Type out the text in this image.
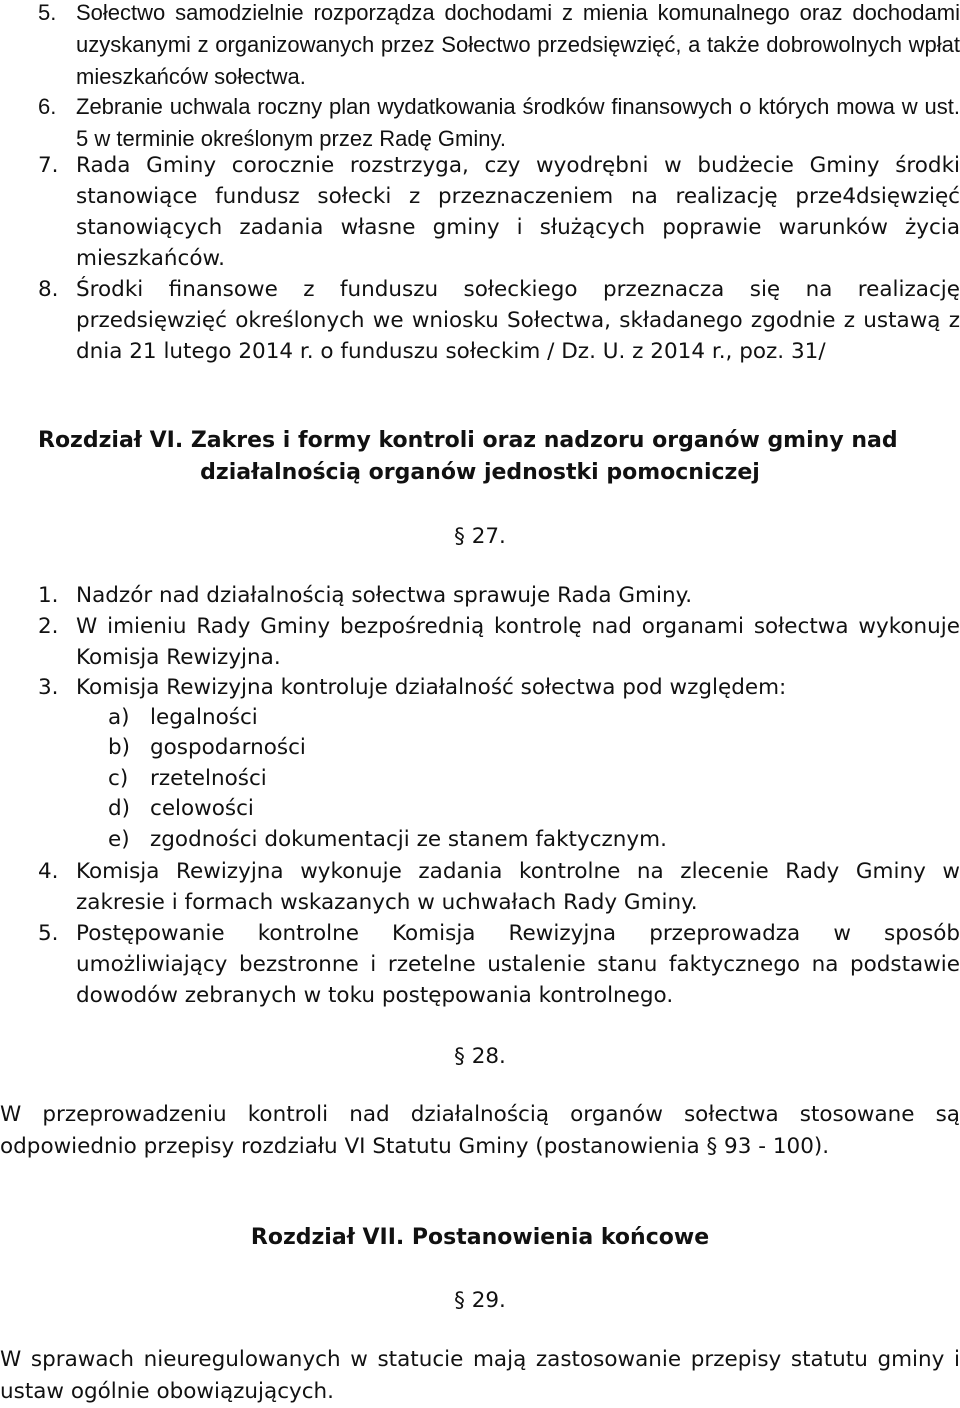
5. Sołectwo samodzielnie rozporządza dochodami z mienia komunalnego oraz dochodami uzyskanymi z organizowanych przez Sołectwo przedsięwzięć, a także dobrowolnych wpłat mieszkańców sołectwa.
6. Zebranie uchwala roczny plan wydatkowania środków finansowych o których mowa w ust. 5 w terminie określonym przez Radę Gminy.
7. Rada Gminy corocznie rozstrzyga, czy wyodrębni w budżecie Gminy środki stanowiące fundusz sołecki z przeznaczeniem na realizację prze4dsięwzięć stanowiących zadania własne gminy i służących poprawie warunków życia mieszkańców.
8. Środki finansowe z funduszu sołeckiego przeznacza się na realizację przedsięwzięć określonych we wniosku Sołectwa, składanego zgodnie z ustawą z dnia 21 lutego 2014 r. o funduszu sołeckim / Dz. U. z 2014 r., poz. 31/
Rozdział VI. Zakres i formy kontroli oraz nadzoru organów gminy nad
działalnością organów jednostki pomocniczej
§ 27.
1. Nadzór nad działalnością sołectwa sprawuje Rada Gminy.
2. W imieniu Rady Gminy bezpośrednią kontrolę nad organami sołectwa wykonuje Komisja Rewizyjna.
3. Komisja Rewizyjna kontroluje działalność sołectwa pod względem:
a) legalności
b) gospodarności
c)	rzetelności
d) celowości
e) zgodności dokumentacji ze stanem faktycznym.
4. Komisja Rewizyjna wykonuje zadania kontrolne na zlecenie Rady Gminy w zakresie i formach wskazanych w uchwałach Rady Gminy.
5. Postępowanie kontrolne Komisja Rewizyjna przeprowadza w sposób umożliwiający bezstronne i rzetelne ustalenie stanu faktycznego na podstawie dowodów zebranych w toku postępowania kontrolnego.
§ 28.
W przeprowadzeniu kontroli nad działalnością organów sołectwa stosowane są odpowiednio przepisy rozdziału VI Statutu Gminy (postanowienia § 93 - 100).
Rozdział VII. Postanowienia końcowe
§ 29.
W sprawach nieuregulowanych w statucie mają zastosowanie przepisy statutu gminy i ustaw ogólnie obowiązujących.
